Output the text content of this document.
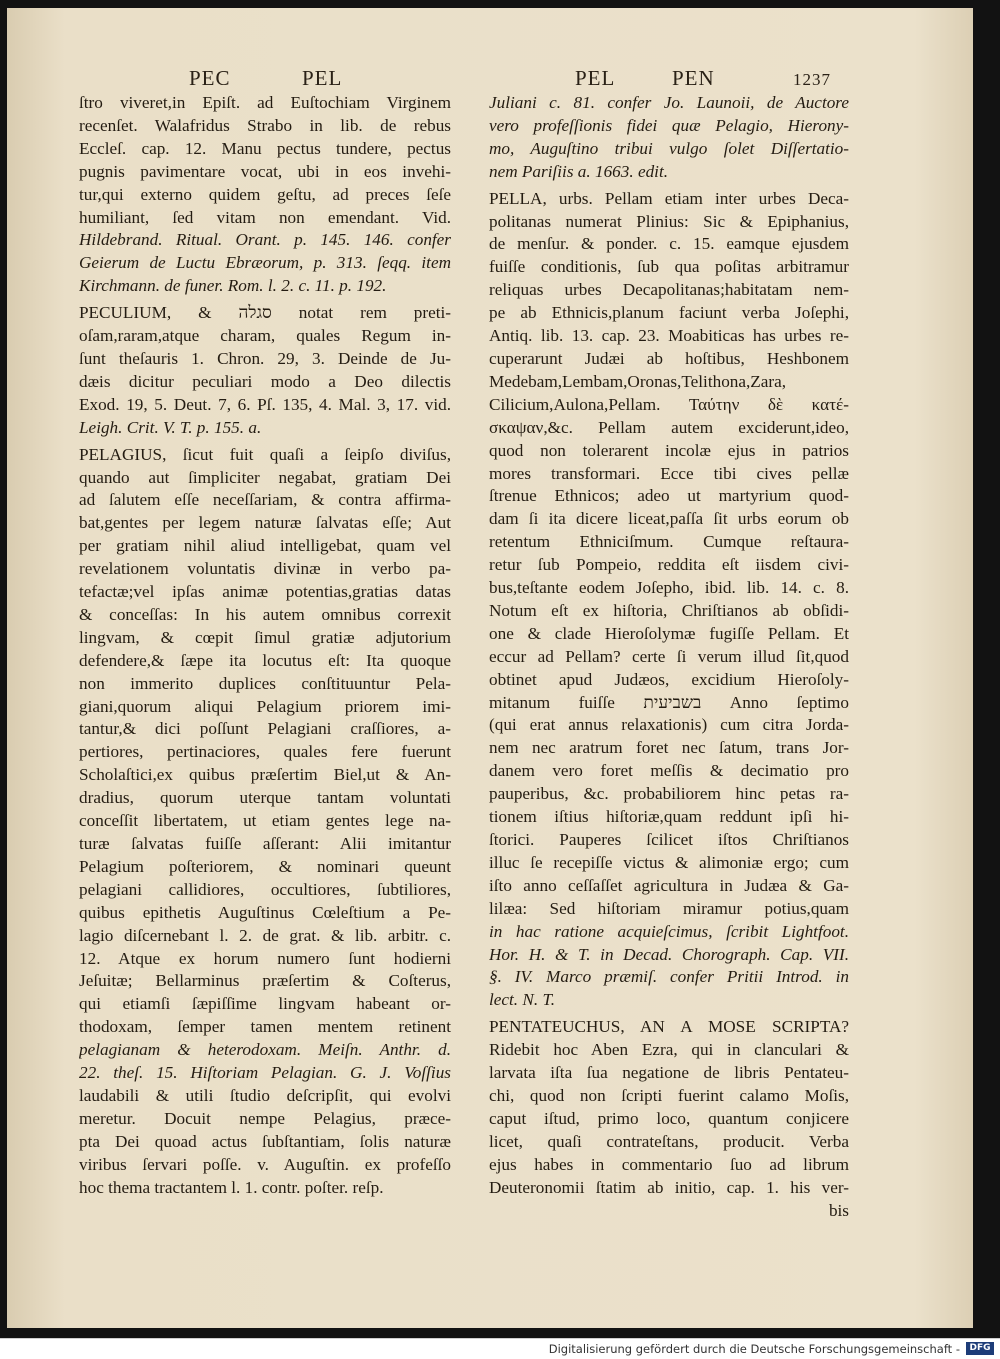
PEC	PEL	PEL	PEN	1237
ſtro viveret,in Epiſt. ad Euſtochiam Virginem
recenſet. Walafridus Strabo in lib. de rebus
Eccleſ. cap. 12. Manu pectus tundere, pectus
pugnis pavimentare vocat, ubi in eos invehi-
tur,qui externo quidem geſtu, ad preces ſeſe
humiliant, ſed vitam non emendant. Vid.
Hildebrand. Ritual. Orant. p. 145. 146. confer
Geierum de Luctu Ebræorum, p. 313. ſeqq. item
Kirchmann. de funer. Rom. l. 2. c. 11. p. 192.
PECULIUM, & סגלה notat rem preti-
oſam,raram,atque charam, quales Regum in-
ſunt theſauris 1. Chron. 29, 3. Deinde de Ju-
dæis dicitur peculiari modo a Deo dilectis
Exod. 19, 5. Deut. 7, 6. Pſ. 135, 4. Mal. 3, 17. vid.
Leigh. Crit. V. T. p. 155. a.
PELAGIUS, ſicut fuit quaſi a ſeipſo diviſus,
quando aut ſimpliciter negabat, gratiam Dei
ad ſalutem eſſe neceſſariam, & contra affirma-
bat,gentes per legem naturæ ſalvatas eſſe; Aut
per gratiam nihil aliud intelligebat, quam vel
revelationem voluntatis divinæ in verbo pa-
tefactæ;vel ipſas animæ potentias,gratias datas
& conceſſas: In his autem omnibus correxit
lingvam, & cœpit ſimul gratiæ adjutorium
defendere,& ſæpe ita locutus eſt: Ita quoque
non immerito duplices conſtituuntur Pela-
giani,quorum aliqui Pelagium priorem imi-
tantur,& dici poſſunt Pelagiani craſſiores, a-
pertiores, pertinaciores, quales fere fuerunt
Scholaſtici,ex quibus præſertim Biel,ut & An-
dradius, quorum uterque tantam voluntati
conceſſit libertatem, ut etiam gentes lege na-
turæ ſalvatas fuiſſe aſſerant: Alii imitantur
Pelagium poſteriorem, & nominari queunt
pelagiani callidiores, occultiores, ſubtiliores,
quibus epithetis Auguſtinus Cœleſtium a Pe-
lagio diſcernebant l. 2. de grat. & lib. arbitr. c.
12. Atque ex horum numero ſunt hodierni
Jeſuitæ; Bellarminus præſertim & Coſterus,
qui etiamſi ſæpiſſime lingvam habeant or-
thodoxam, ſemper tamen mentem retinent
pelagianam & heterodoxam. Meiſn. Anthr. d.
22. theſ. 15. Hiſtoriam Pelagian. G. J. Voſſius
laudabili & utili ſtudio deſcripſit, qui evolvi
meretur. Docuit nempe Pelagius, præce-
pta Dei quoad actus ſubſtantiam, ſolis naturæ
viribus ſervari poſſe. v. Auguſtin. ex profeſſo
hoc thema tractantem l. 1. contr. poſter. reſp.
Juliani c. 81. confer Jo. Launoii, de Auctore
vero profeſſionis fidei quæ Pelagio, Hierony-
mo, Auguſtino tribui vulgo ſolet Diſſertatio-
nem Pariſiis a. 1663. edit.
PELLA, urbs. Pellam etiam inter urbes Deca-
politanas numerat Plinius: Sic & Epiphanius,
de menſur. & ponder. c. 15. eamque ejusdem
fuiſſe conditionis, ſub qua poſitas arbitramur
reliquas urbes Decapolitanas;habitatam nem-
pe ab Ethnicis,planum faciunt verba Joſephi,
Antiq. lib. 13. cap. 23. Moabiticas has urbes re-
cuperarunt Judæi ab hoſtibus, Heshbonem
Medebam,Lembam,Oronas,Telithona,Zara,
Cilicium,Aulona,Pellam. Ταύτην δὲ κατέ-
σκαψαν,&c. Pellam autem exciderunt,ideo,
quod non tolerarent incolæ ejus in patrios
mores transformari. Ecce tibi cives pellæ
ſtrenue Ethnicos; adeo ut martyrium quod-
dam ſi ita dicere liceat,paſſa ſit urbs eorum ob
retentum Ethniciſmum. Cumque reſtaura-
retur ſub Pompeio, reddita eſt iisdem civi-
bus,teſtante eodem Joſepho, ibid. lib. 14. c. 8.
Notum eſt ex hiſtoria, Chriſtianos ab obſidi-
one & clade Hieroſolymæ fugiſſe Pellam. Et
eccur ad Pellam? certe ſi verum illud ſit,quod
obtinet apud Judæos, excidium Hieroſoly-
mitanum fuiſſe בשביעית Anno ſeptimo
(qui erat annus relaxationis) cum citra Jorda-
nem nec aratrum foret nec ſatum, trans Jor-
danem vero foret meſſis & decimatio pro
pauperibus, &c. probabiliorem hinc petas ra-
tionem iſtius hiſtoriæ,quam reddunt ipſi hi-
ſtorici. Pauperes ſcilicet iſtos Chriſtianos
illuc ſe recepiſſe victus & alimoniæ ergo; cum
iſto anno ceſſaſſet agricultura in Judæa & Ga-
lilæa: Sed hiſtoriam miramur potius,quam
in hac ratione acquieſcimus, ſcribit Lightfoot.
Hor. H. & T. in Decad. Chorograph. Cap. VII.
§. IV. Marco præmiſ. confer Pritii Introd. in
lect. N. T.
PENTATEUCHUS, AN A MOSE SCRIPTA?
Ridebit hoc Aben Ezra, qui in clanculari &
larvata iſta ſua negatione de libris Pentateu-
chi, quod non ſcripti fuerint calamo Moſis,
caput iſtud, primo loco, quantum conjicere
licet, quaſi contrateſtans, producit. Verba
ejus habes in commentario ſuo ad librum
Deuteronomii ſtatim ab initio, cap. 1. his ver-
bis
Digitalisierung gefördert durch die Deutsche Forschungsgemeinschaft -	DFG
